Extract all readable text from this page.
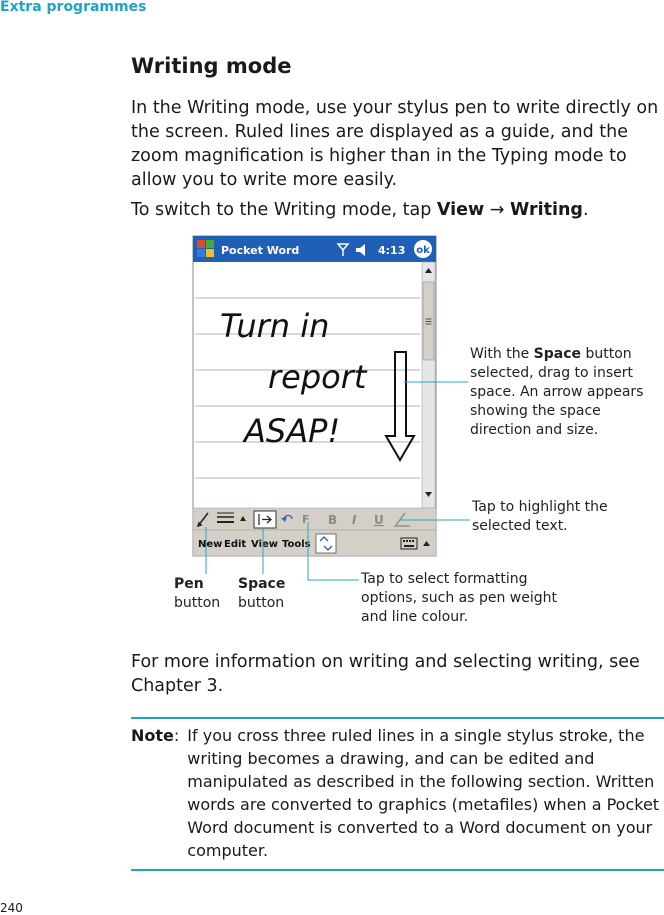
Extra programmes
Writing mode

In the Writing mode, use your stylus pen to write directly on the screen. Ruled lines are displayed as a guide, and the zoom magnification is higher than in the Typing mode to allow you to write more easily.

To switch to the Writing mode, tap View → Writing.

Pocket Word	4:13 ok
Turn in
report
ASAP!
F B I U
New Edit View Tools
With the Space button selected, drag to insert space. An arrow appears showing the space direction and size.
Tap to highlight the selected text.
Tap to select formatting options, such as pen weight and line colour.
Pen
button
Space
button

For more information on writing and selecting writing, see Chapter 3.

Note: If you cross three ruled lines in a single stylus stroke, the writing becomes a drawing, and can be edited and manipulated as described in the following section. Written words are converted to graphics (metafiles) when a Pocket Word document is converted to a Word document on your computer.
240
